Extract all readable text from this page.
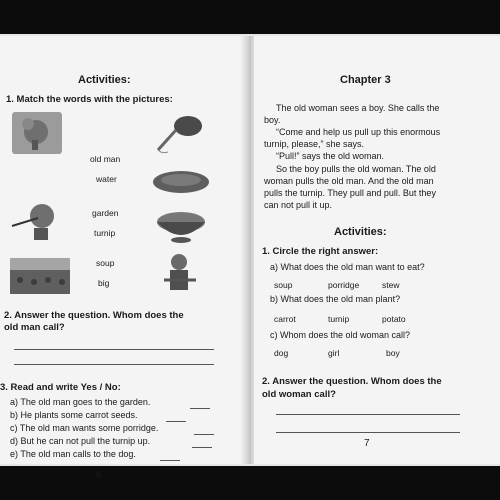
Activities:
1. Match the words with the pictures:
old man
water
garden
turnip
soup
big
2. Answer the question. Whom does the
old man call?
3. Read and write Yes / No:
a) The old man goes to the garden.
b) He plants some carrot seeds.
c) The old man wants some porridge.
d) But he can not pull the turnip up.
e) The old man calls to the dog.
6
Chapter 3
The old woman sees a boy. She calls the
boy.
“Come and help us pull up this enormous
turnip, please,” she says.
“Pull!” says the old woman.
So the boy pulls the old woman. The old
woman pulls the old man. And the old man
pulls the turnip. They pull and pull. But they
can not pull it up.
Activities:
1. Circle the right answer:
a) What does the old man want to eat?
soup	porridge	stew
b) What does the old man plant?
carrot	turnip	potato
c) Whom does the old woman call?
dog	girl	boy
2. Answer the question. Whom does the
old woman call?
7
